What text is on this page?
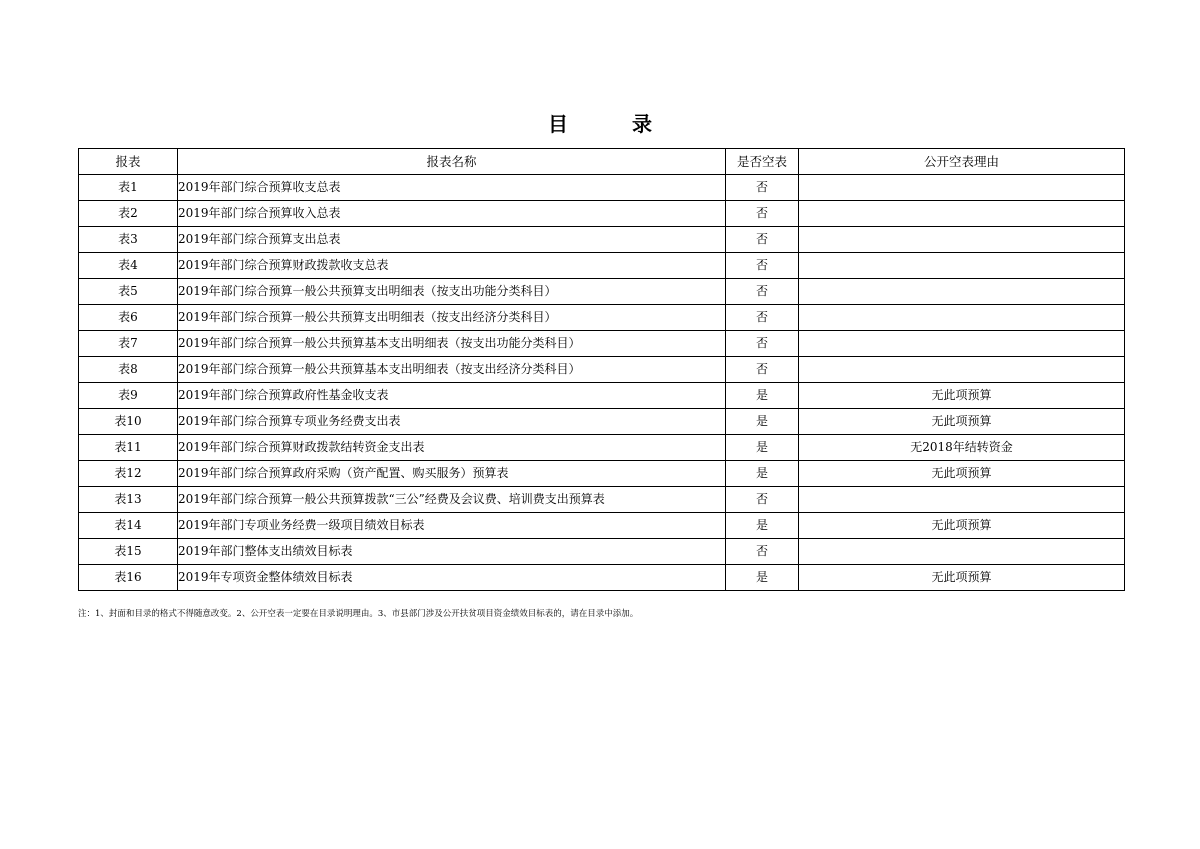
目　录
报表	报表名称	是否空表	公开空表理由
表1	2019年部门综合预算收支总表	否	
表2	2019年部门综合预算收入总表	否	
表3	2019年部门综合预算支出总表	否	
表4	2019年部门综合预算财政拨款收支总表	否	
表5	2019年部门综合预算一般公共预算支出明细表（按支出功能分类科目）	否	
表6	2019年部门综合预算一般公共预算支出明细表（按支出经济分类科目）	否	
表7	2019年部门综合预算一般公共预算基本支出明细表（按支出功能分类科目）	否	
表8	2019年部门综合预算一般公共预算基本支出明细表（按支出经济分类科目）	否	
表9	2019年部门综合预算政府性基金收支表	是	无此项预算
表10	2019年部门综合预算专项业务经费支出表	是	无此项预算
表11	2019年部门综合预算财政拨款结转资金支出表	是	无2018年结转资金
表12	2019年部门综合预算政府采购（资产配置、购买服务）预算表	是	无此项预算
表13	2019年部门综合预算一般公共预算拨款“三公”经费及会议费、培训费支出预算表	否	
表14	2019年部门专项业务经费一级项目绩效目标表	是	无此项预算
表15	2019年部门整体支出绩效目标表	否	
表16	2019年专项资金整体绩效目标表	是	无此项预算
注：1、封面和目录的格式不得随意改变。2、公开空表一定要在目录说明理由。3、市县部门涉及公开扶贫项目资金绩效目标表的，请在目录中添加。
